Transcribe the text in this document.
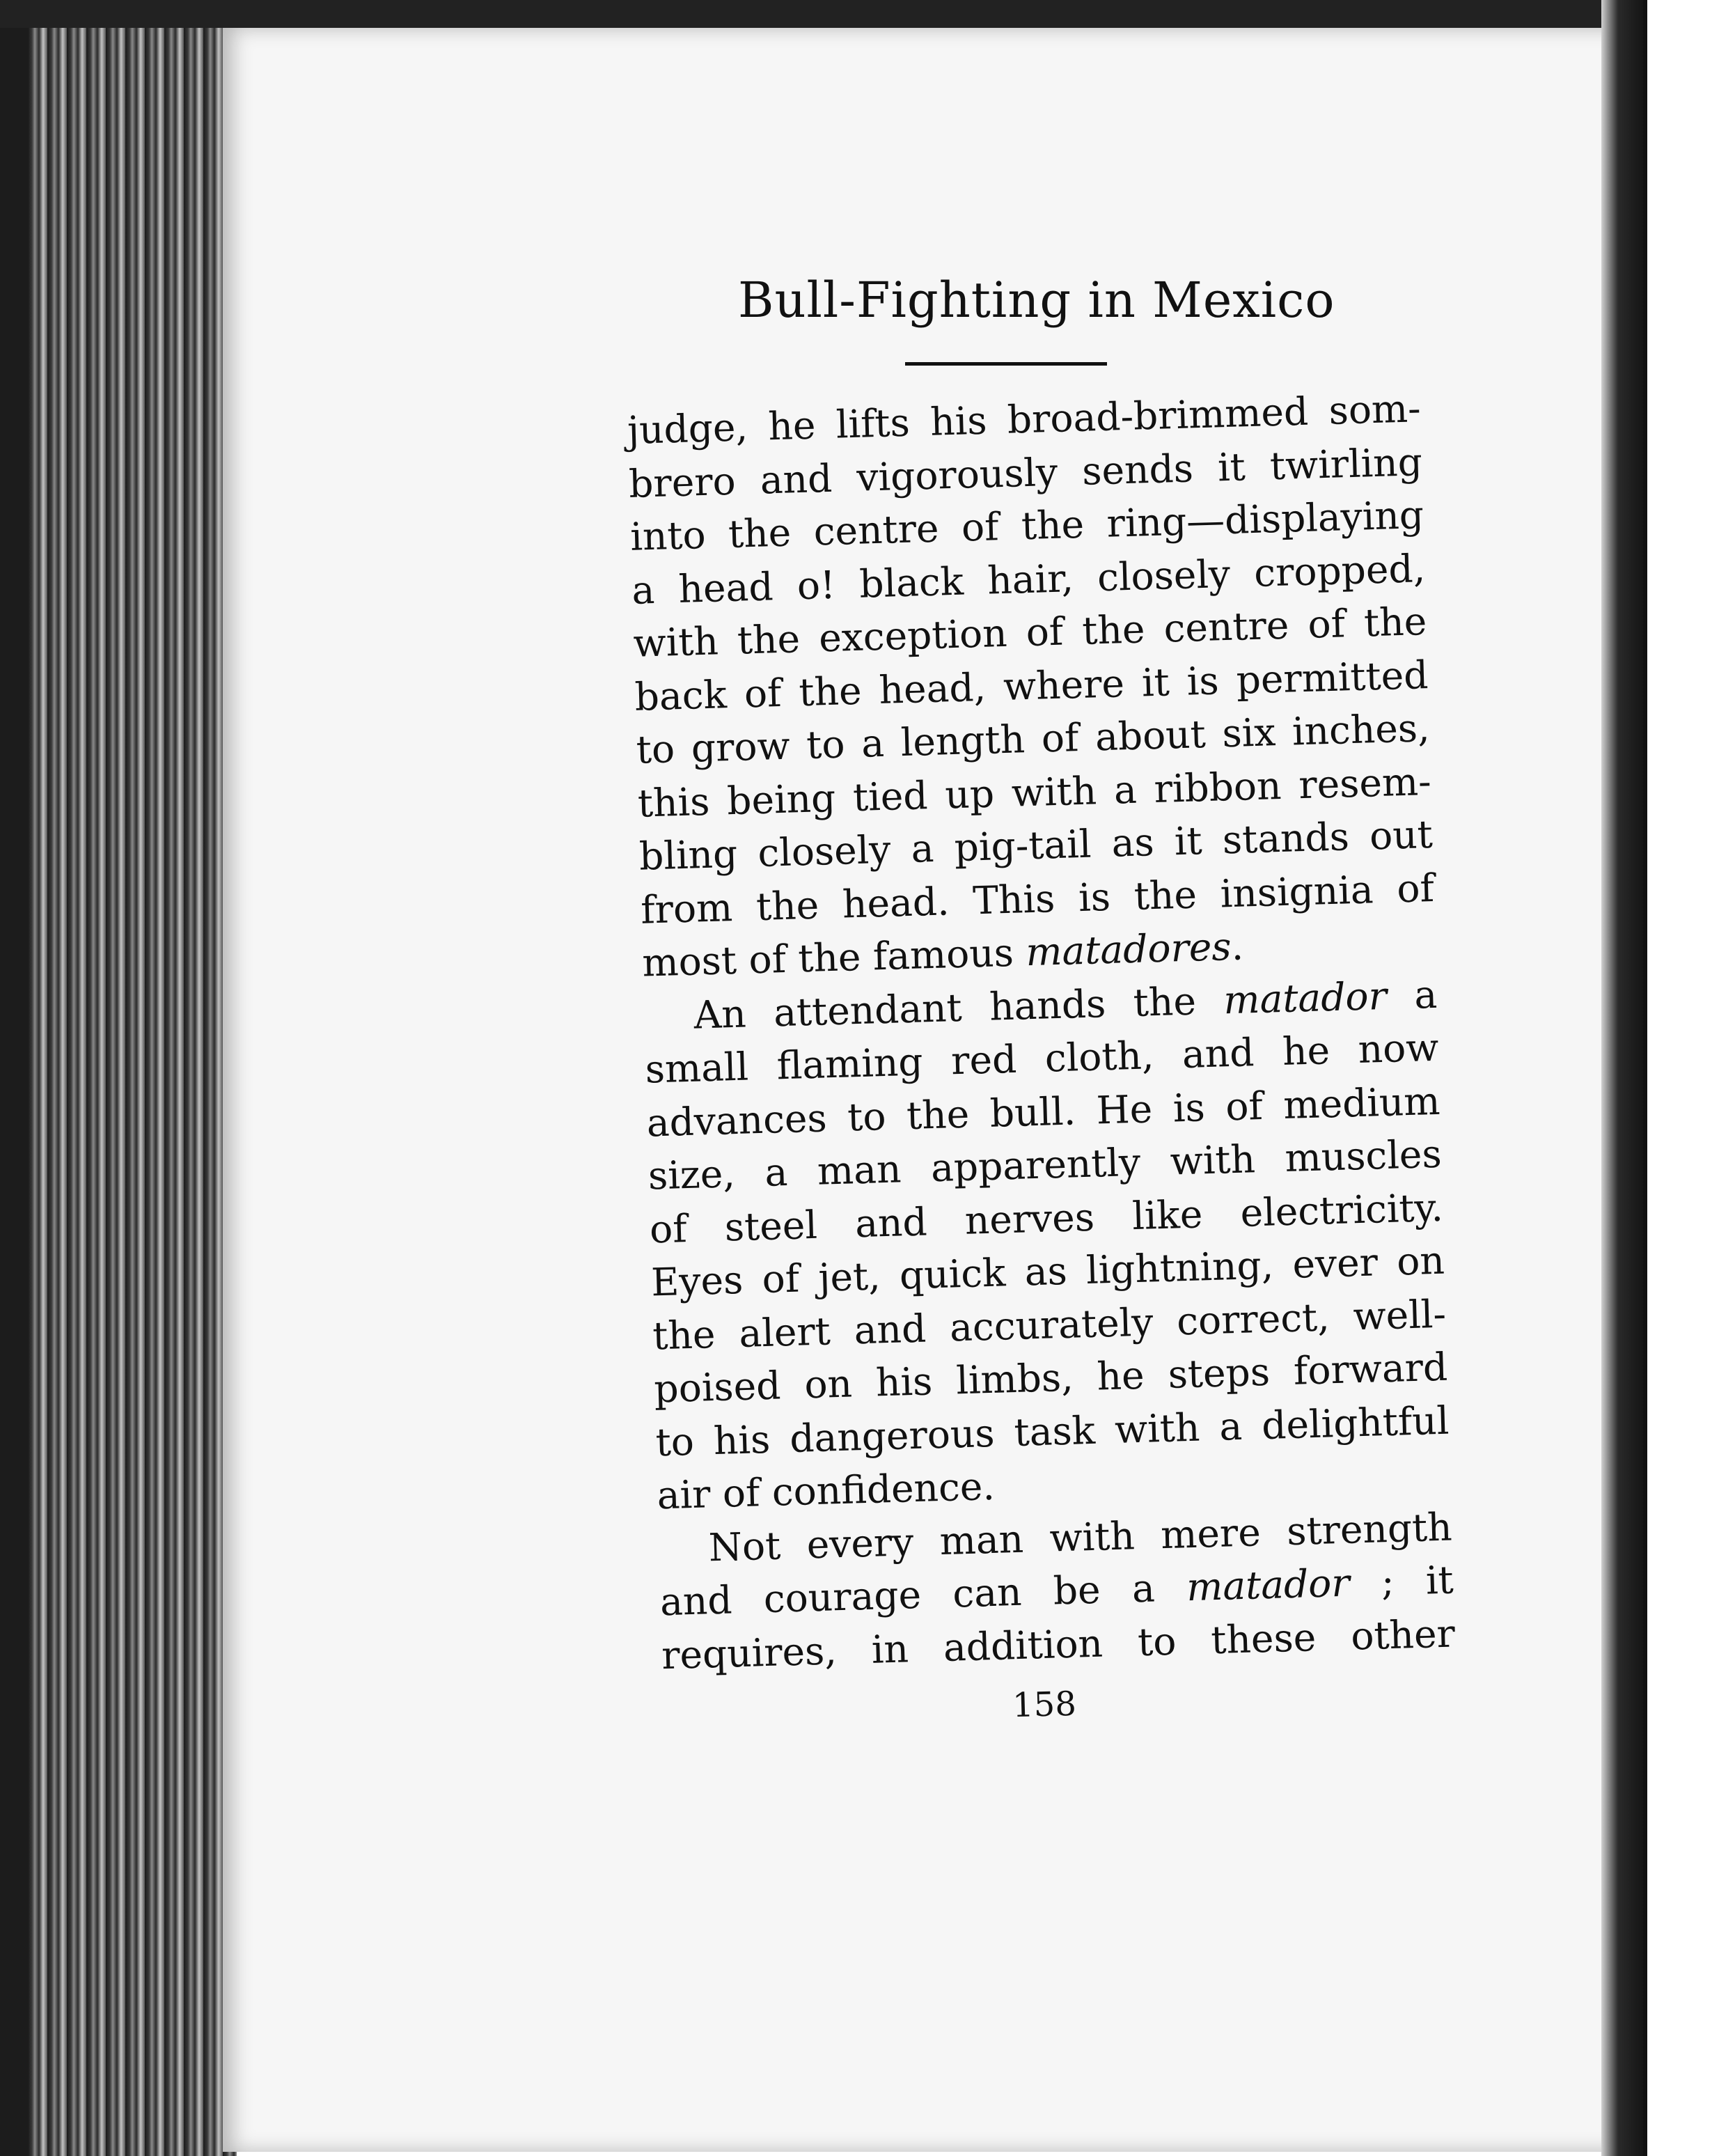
Bull-Fighting in Mexico
judge, he lifts his broad-brimmed som-
brero and vigorously sends it twirling
into the centre of the ring—displaying
a head o! black hair, closely cropped,
with the exception of the centre of the
back of the head, where it is permitted
to grow to a length of about six inches,
this being tied up with a ribbon resem-
bling closely a pig-tail as it stands out
from the head. This is the insignia of
most of the famous matadores.
An attendant hands the matador a
small flaming red cloth, and he now
advances to the bull. He is of medium
size, a man apparently with muscles
of steel and nerves like electricity.
Eyes of jet, quick as lightning, ever on
the alert and accurately correct, well-
poised on his limbs, he steps forward
to his dangerous task with a delightful
air of confidence.
Not every man with mere strength
and courage can be a matador ; it
requires, in addition to these other
158
